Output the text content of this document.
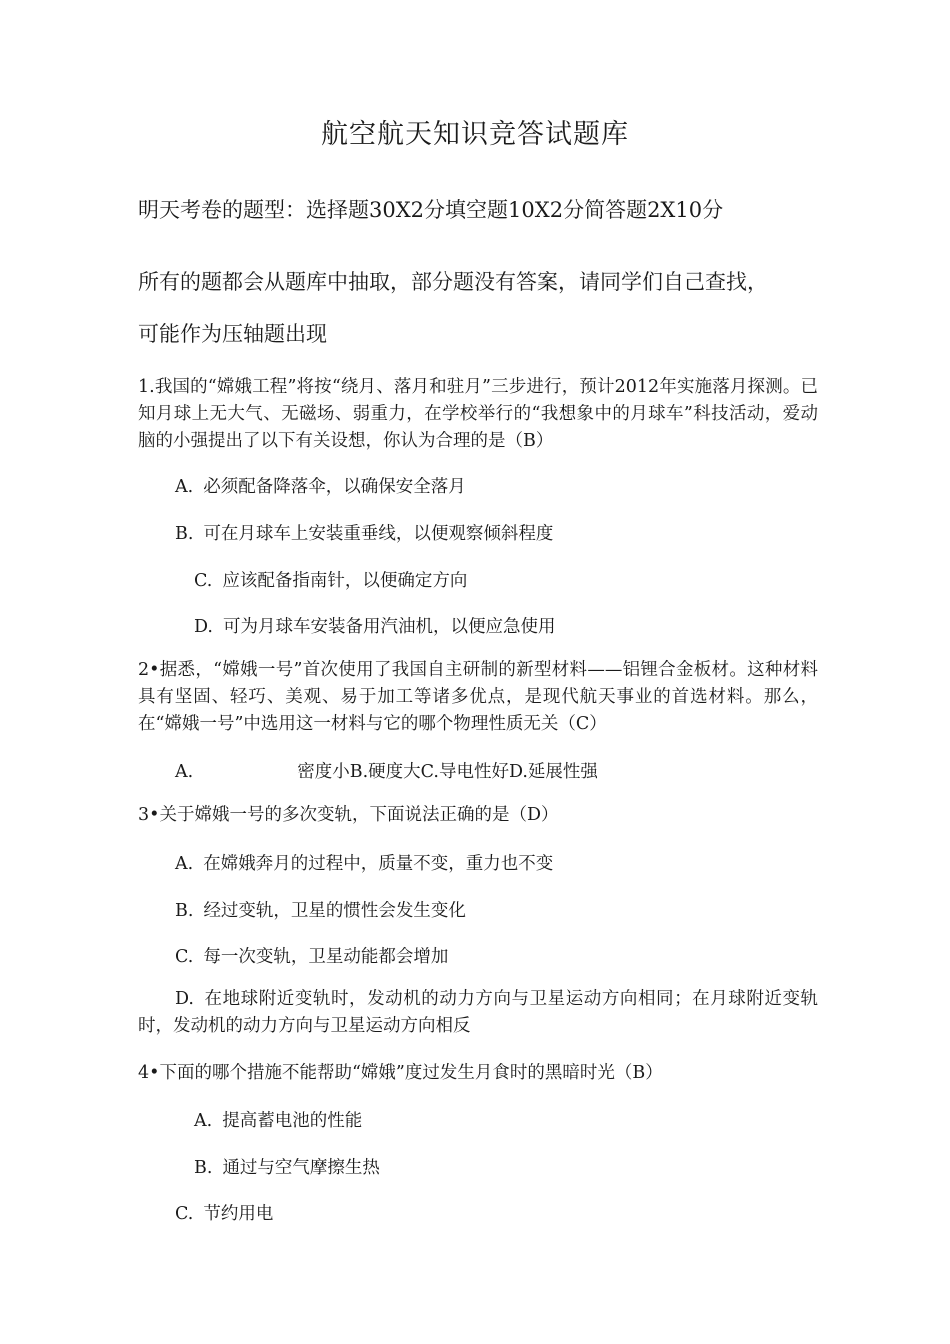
航空航天知识竞答试题库
明天考卷的题型：选择题30X2分填空题10X2分简答题2X10分
所有的题都会从题库中抽取，部分题没有答案，请同学们自己查找，
可能作为压轴题出现
1.我国的“嫦娥工程”将按“绕月、落月和驻月”三步进行，预计2012年实施落月探测。已知月球上无大气、无磁场、弱重力，在学校举行的“我想象中的月球车”科技活动，爱动脑的小强提出了以下有关设想，你认为合理的是（B）
A. 必须配备降落伞，以确保安全落月
B. 可在月球车上安装重垂线，以便观察倾斜程度
C. 应该配备指南针，以便确定方向
D. 可为月球车安装备用汽油机，以便应急使用
2•据悉，“嫦娥一号”首次使用了我国自主研制的新型材料——铝锂合金板材。这种材料具有坚固、轻巧、美观、易于加工等诸多优点，是现代航天事业的首选材料。那么，在“嫦娥一号”中选用这一材料与它的哪个物理性质无关（C）
A.	密度小B.硬度大C.导电性好D.延展性强
3•关于嫦娥一号的多次变轨，下面说法正确的是（D）
A. 在嫦娥奔月的过程中，质量不变，重力也不变
B. 经过变轨，卫星的惯性会发生变化
C. 每一次变轨，卫星动能都会增加
D. 在地球附近变轨时，发动机的动力方向与卫星运动方向相同；在月球附近变轨时，发动机的动力方向与卫星运动方向相反
4•下面的哪个措施不能帮助“嫦娥”度过发生月食时的黑暗时光（B）
A. 提高蓄电池的性能
B. 通过与空气摩擦生热
C. 节约用电
